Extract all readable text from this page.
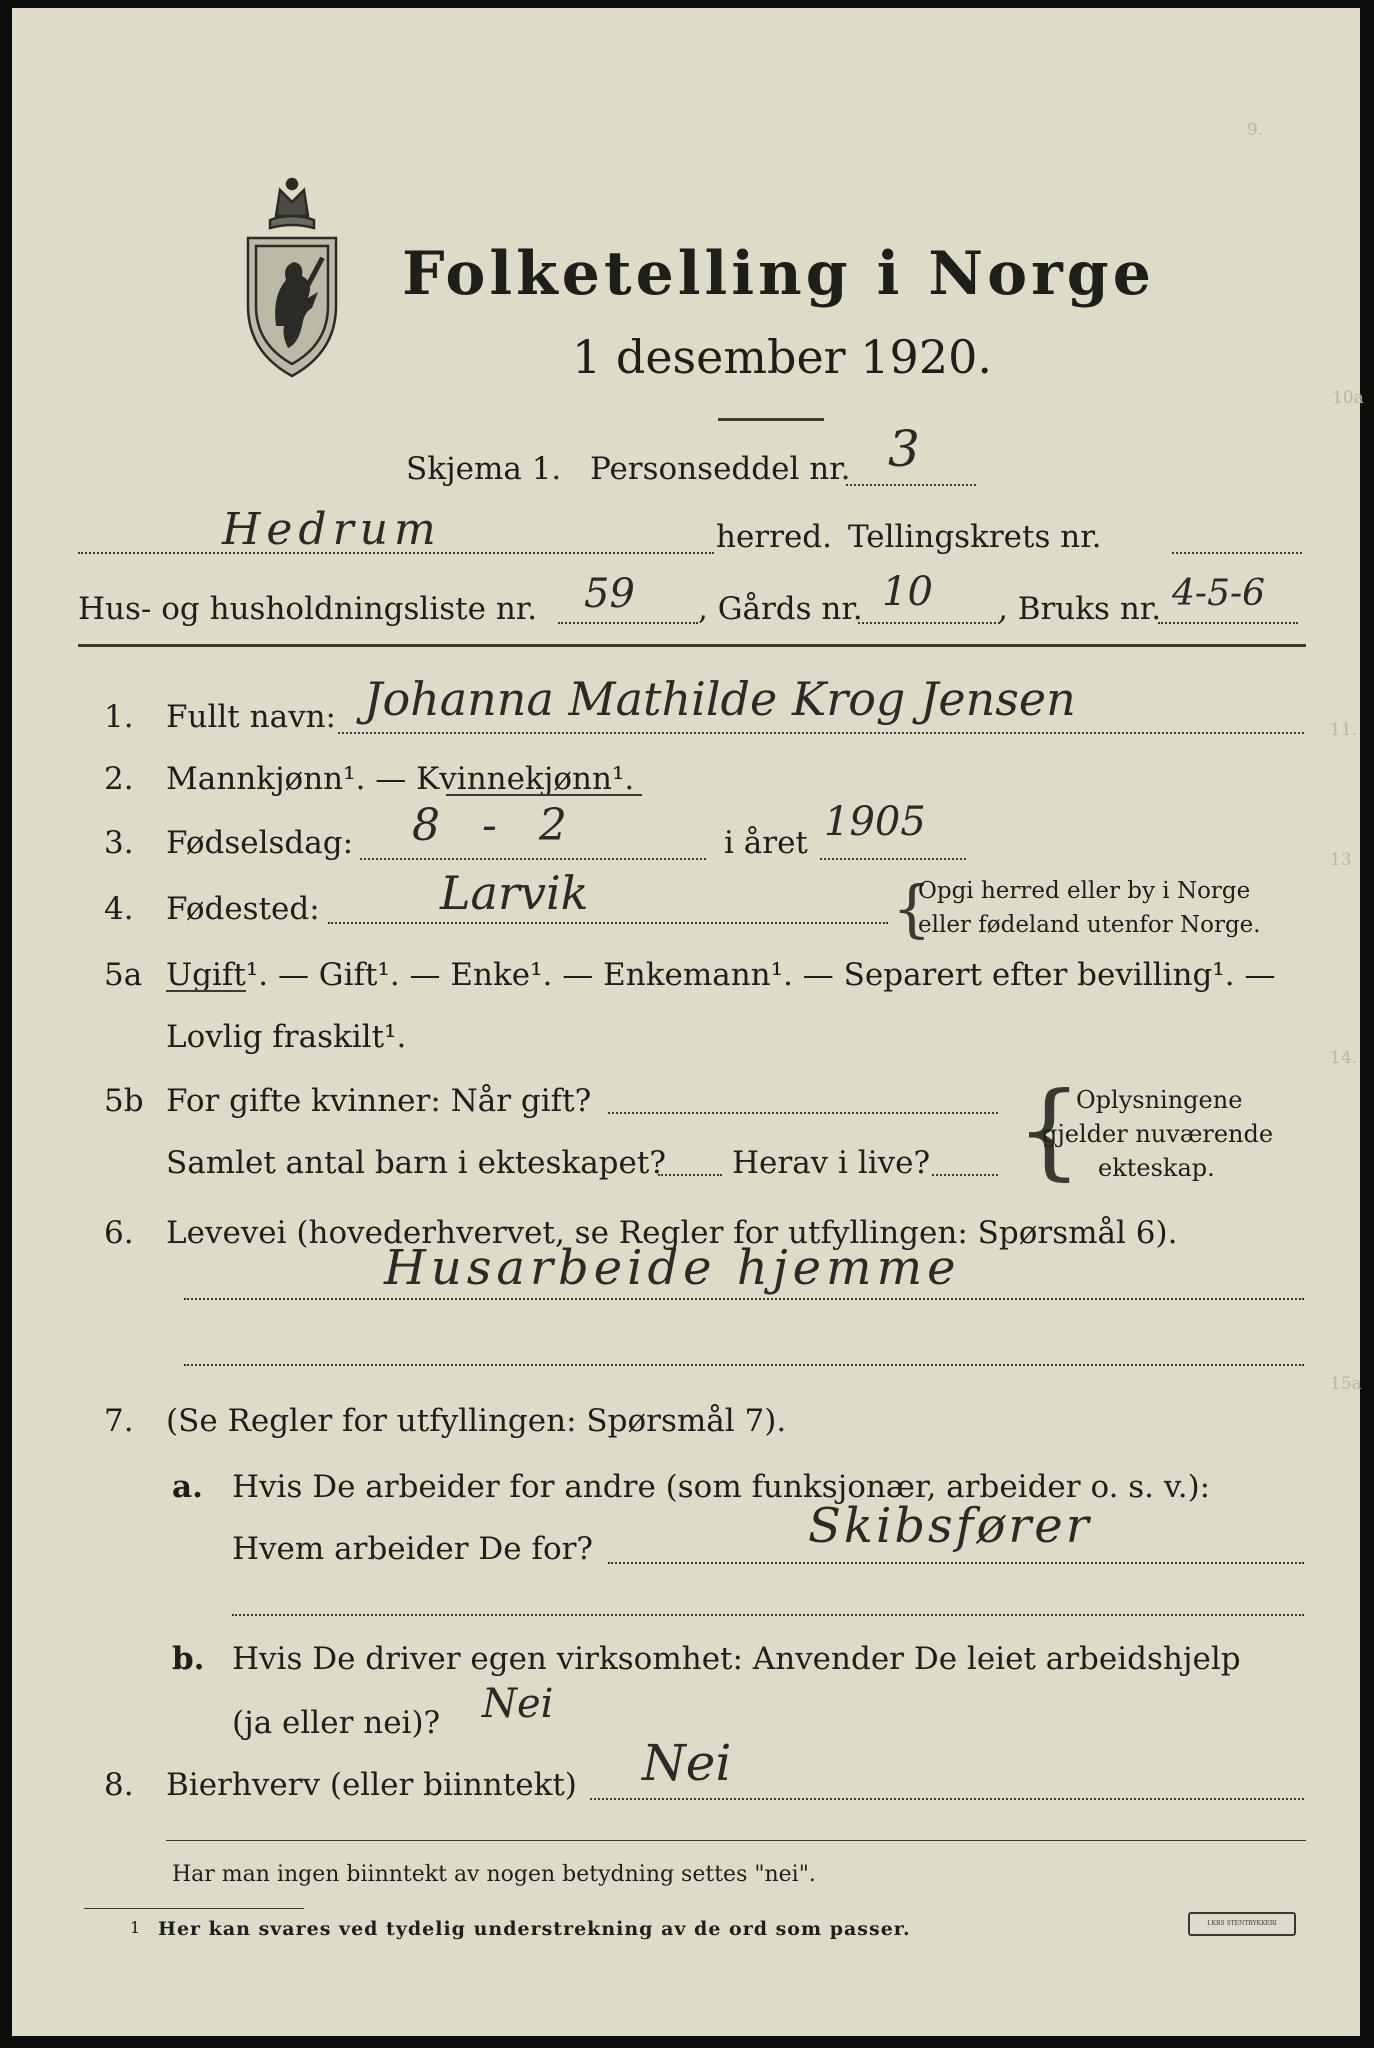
9.
10a
11.
13
14.
15a
Folketelling i Norge
1 desember 1920.
Skjema 1. Personseddel nr. 3
Hedrum	herred. Tellingskrets nr.
Hus- og husholdningsliste nr. 59 , Gårds nr. 10 , Bruks nr. 4-5-6
1. Fullt navn: Johanna Mathilde Krog Jensen
2. Mannkjønn¹. — Kvinnekjønn¹.
3. Fødselsdag: 8 - 2	i året 1905
4. Fødested:	Larvik	{
Opgi herred eller by i Norge
eller fødeland utenfor Norge.
5a Ugift¹. — Gift¹. — Enke¹. — Enkemann¹. — Separert efter bevilling¹. —
Lovlig fraskilt¹.
5b For gifte kvinner: Når gift?
Samlet antal barn i ekteskapet? Herav i live? {
Oplysningene
gjelder nuværende
ekteskap.
6. Levevei (hovederhvervet, se Regler for utfyllingen: Spørsmål 6).
Husarbeide hjemme
7. (Se Regler for utfyllingen: Spørsmål 7).
a. Hvis De arbeider for andre (som funksjonær, arbeider o. s. v.):
Hvem arbeider De for?	Skibsfører
b. Hvis De driver egen virksomhet: Anvender De leiet arbeidshjelp
(ja eller nei)? Nei
8. Bierhverv (eller biinntekt) Nei
Har man ingen biinntekt av nogen betydning settes "nei".
1 Her kan svares ved tydelig understrekning av de ord som passer.	I.KRS STENTRYKKERI
